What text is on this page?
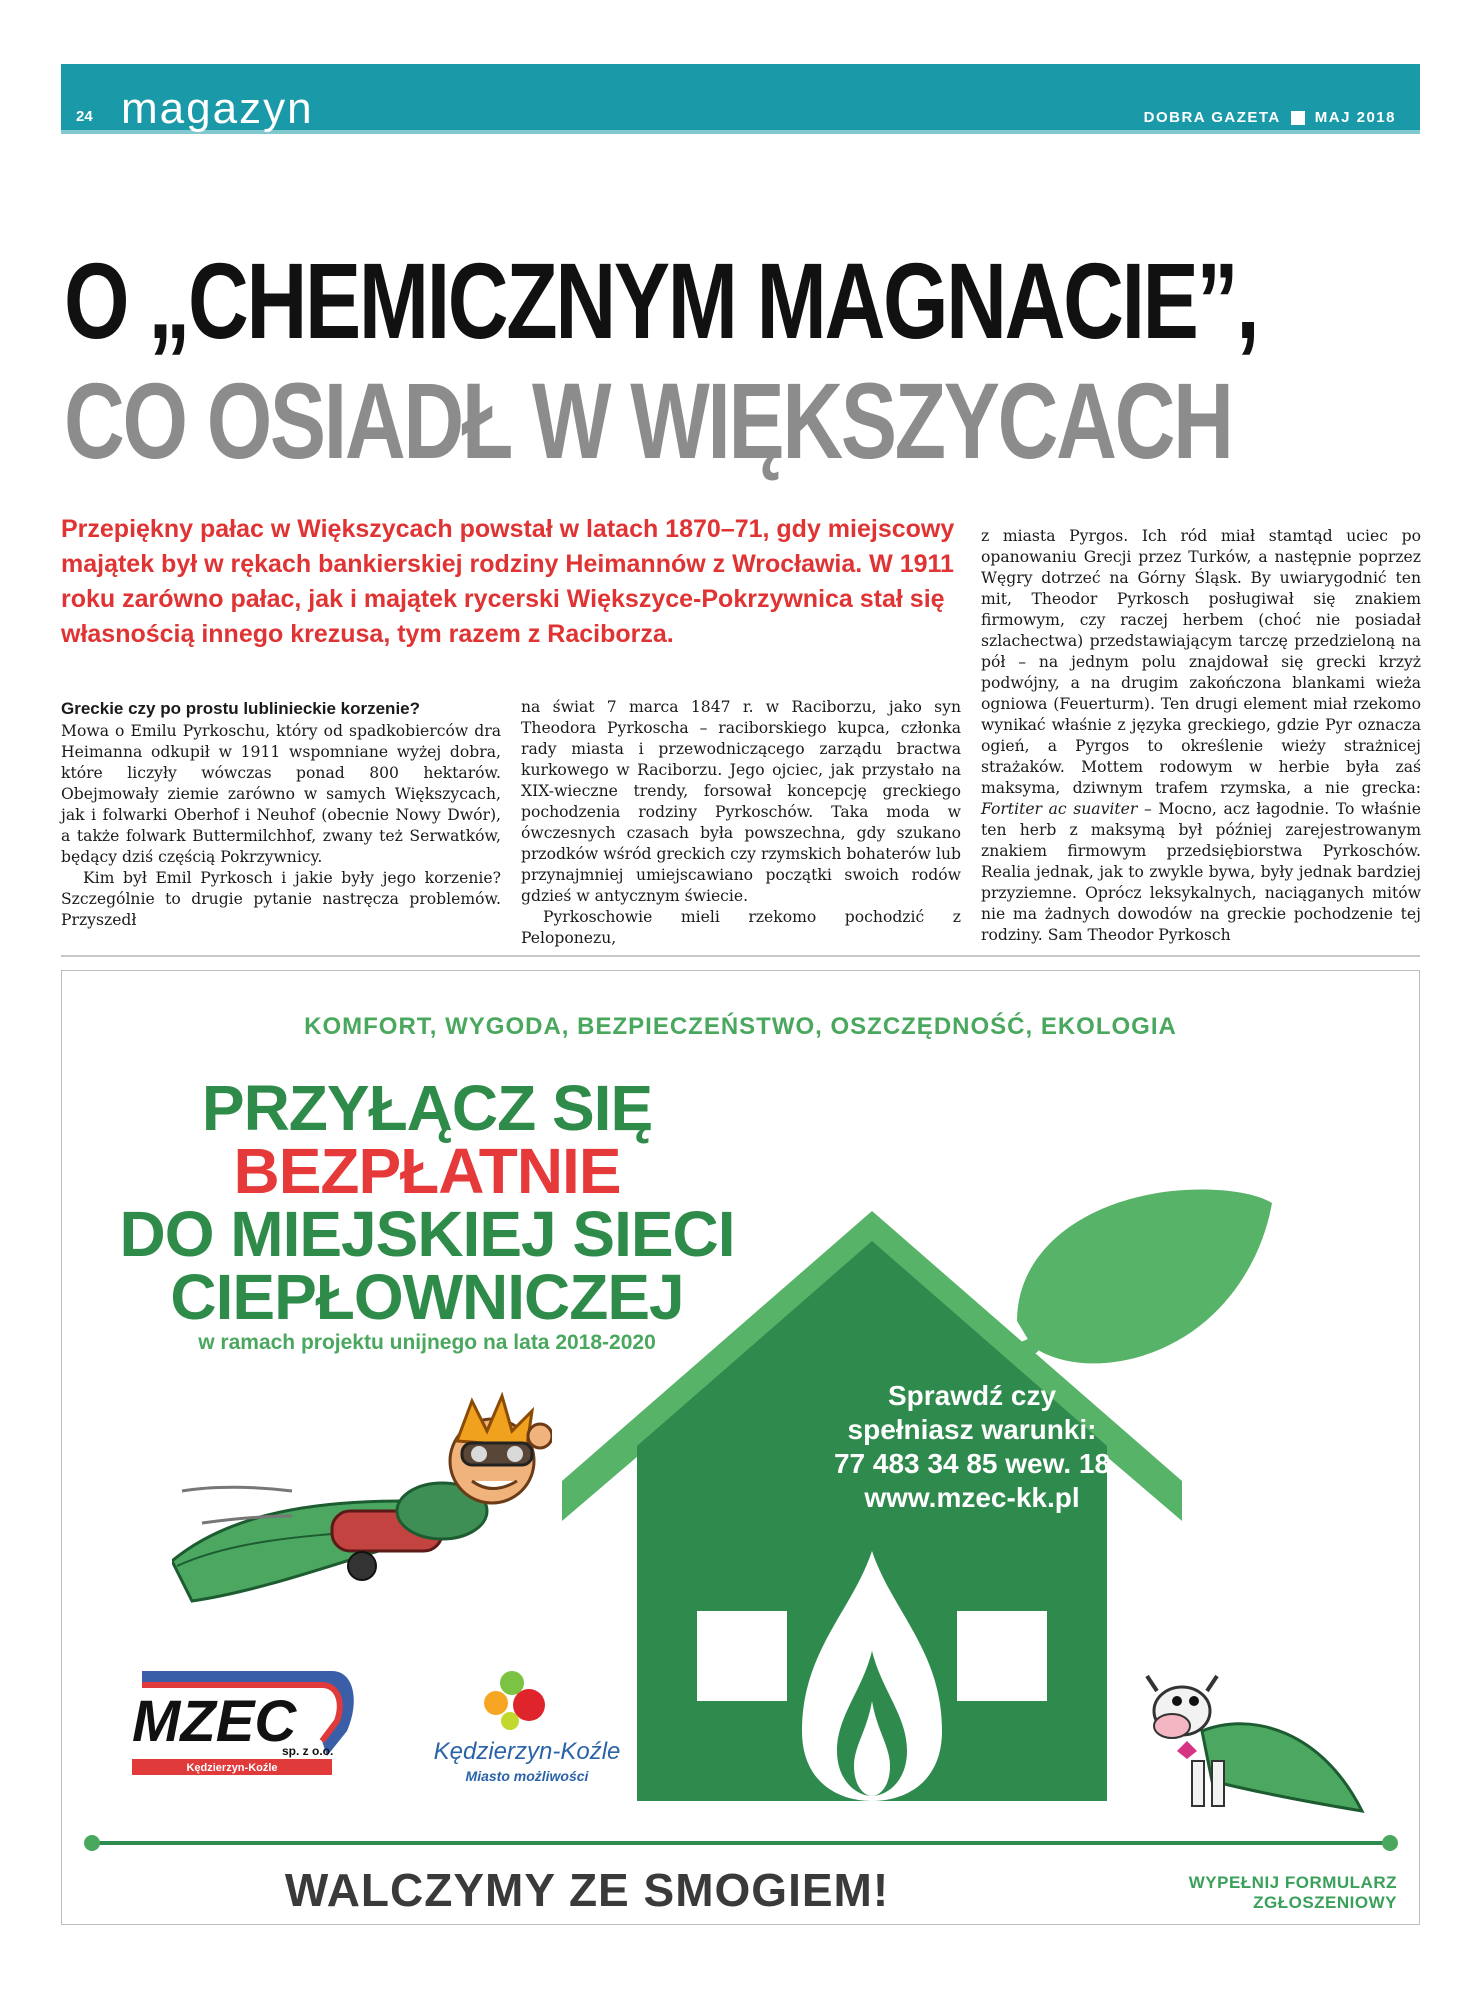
24 magazyn	DOBRA GAZETA MAJ 2018
O „CHEMICZNYM MAGNACIE”,
CO OSIADŁ W WIĘKSZYCACH
Przepiękny pałac w Większycach powstał w latach 1870–71, gdy miejscowy majątek był w rękach bankierskiej rodziny Heimannów z Wrocławia. W 1911 roku zarówno pałac, jak i majątek rycerski Większyce-Pokrzywnica stał się własnością innego krezusa, tym razem z Raciborza.
Greckie czy po prostu lublinieckie korzenie?

Mowa o Emilu Pyrkoschu, który od spadkobierców dra Heimanna odkupił w 1911 wspomniane wyżej dobra, które liczyły wówczas ponad 800 hektarów. Obejmowały ziemie zarówno w samych Większycach, jak i folwarki Oberhof i Neuhof (obecnie Nowy Dwór), a także folwark Buttermilchhof, zwany też Serwatków, będący dziś częścią Pokrzywnicy.

Kim był Emil Pyrkosch i jakie były jego korzenie? Szczególnie to drugie pytanie nastręcza problemów. Przyszedł

na świat 7 marca 1847 r. w Raciborzu, jako syn Theodora Pyrkoscha – raciborskiego kupca, członka rady miasta i przewodniczącego zarządu bractwa kurkowego w Raciborzu. Jego ojciec, jak przystało na XIX-wieczne trendy, forsował koncepcję greckiego pochodzenia rodziny Pyrkoschów. Taka moda w ówczesnych czasach była powszechna, gdy szukano przodków wśród greckich czy rzymskich bohaterów lub przynajmniej umiejscawiano początki swoich rodów gdzieś w antycznym świecie.

Pyrkoschowie mieli rzekomo pochodzić z Peloponezu,

z miasta Pyrgos. Ich ród miał stamtąd uciec po opanowaniu Grecji przez Turków, a następnie poprzez Węgry dotrzeć na Górny Śląsk. By uwiarygodnić ten mit, Theodor Pyrkosch posługiwał się znakiem firmowym, czy raczej herbem (choć nie posiadał szlachectwa) przedstawiającym tarczę przedzieloną na pół – na jednym polu znajdował się grecki krzyż podwójny, a na drugim zakończona blankami wieża ogniowa (Feuerturm). Ten drugi element miał rzekomo wynikać właśnie z języka greckiego, gdzie Pyr oznacza ogień, a Pyrgos to określenie wieży strażnicej strażaków. Mottem rodowym w herbie była zaś maksyma, dziwnym trafem rzymska, a nie grecka: Fortiter ac suaviter – Mocno, acz łagodnie. To właśnie ten herb z maksymą był później zarejestrowanym znakiem firmowym przedsiębiorstwa Pyrkoschów. Realia jednak, jak to zwykle bywa, były jednak bardziej przyziemne. Oprócz leksykalnych, naciąganych mitów nie ma żadnych dowodów na greckie pochodzenie tej rodziny. Sam Theodor Pyrkosch

KOMFORT, WYGODA, BEZPIECZEŃSTWO, OSZCZĘDNOŚĆ, EKOLOGIA
PRZYŁĄCZ SIĘ
BEZPŁATNIE
DO MIEJSKIEJ SIECI
CIEPŁOWNICZEJ
w ramach projektu unijnego na lata 2018-2020
Sprawdź czy
spełniasz warunki:
77 483 34 85 wew. 18
www.mzec-kk.pl
MZEC
sp. z o.o.
Kędzierzyn-Koźle
Kędzierzyn-Koźle
Miasto możliwości
WALCZYMY ZE SMOGIEM!	WYPEŁNIJ FORMULARZ
ZGŁOSZENIOWY
